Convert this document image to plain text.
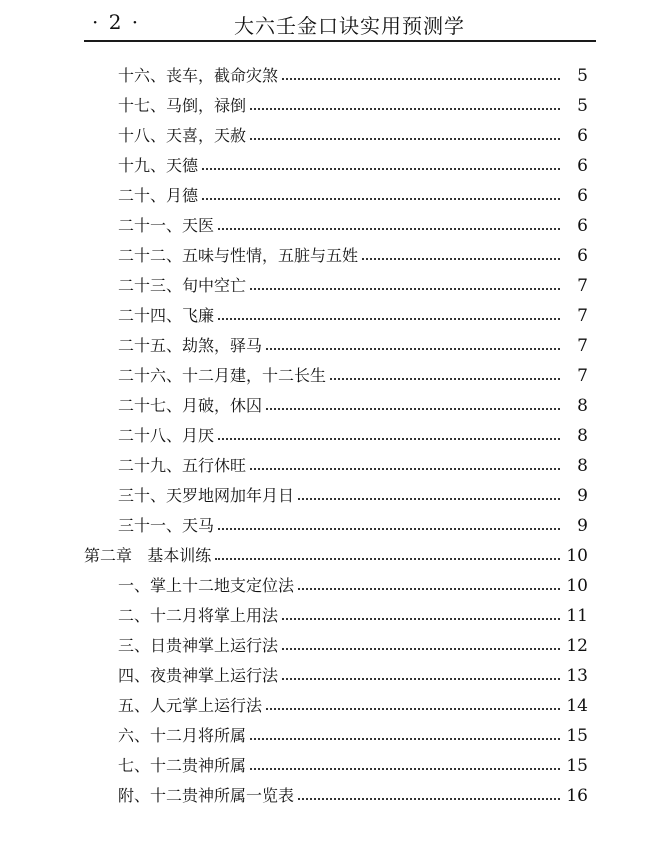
· 2 ·	大六壬金口诀实用预测学
十六、丧车，截命灾煞	5
十七、马倒，禄倒	5
十八、天喜，天赦	6
十九、天德	6
二十、月德	6
二十一、天医	6
二十二、五味与性情，五脏与五姓	6
二十三、旬中空亡	7
二十四、飞廉	7
二十五、劫煞，驿马	7
二十六、十二月建，十二长生	7
二十七、月破，休囚	8
二十八、月厌	8
二十九、五行休旺	8
三十、天罗地网加年月日	9
三十一、天马	9
第二章   基本训练	10
一、掌上十二地支定位法	10
二、十二月将掌上用法	11
三、日贵神掌上运行法	12
四、夜贵神掌上运行法	13
五、人元掌上运行法	14
六、十二月将所属	15
七、十二贵神所属	15
附、十二贵神所属一览表	16
